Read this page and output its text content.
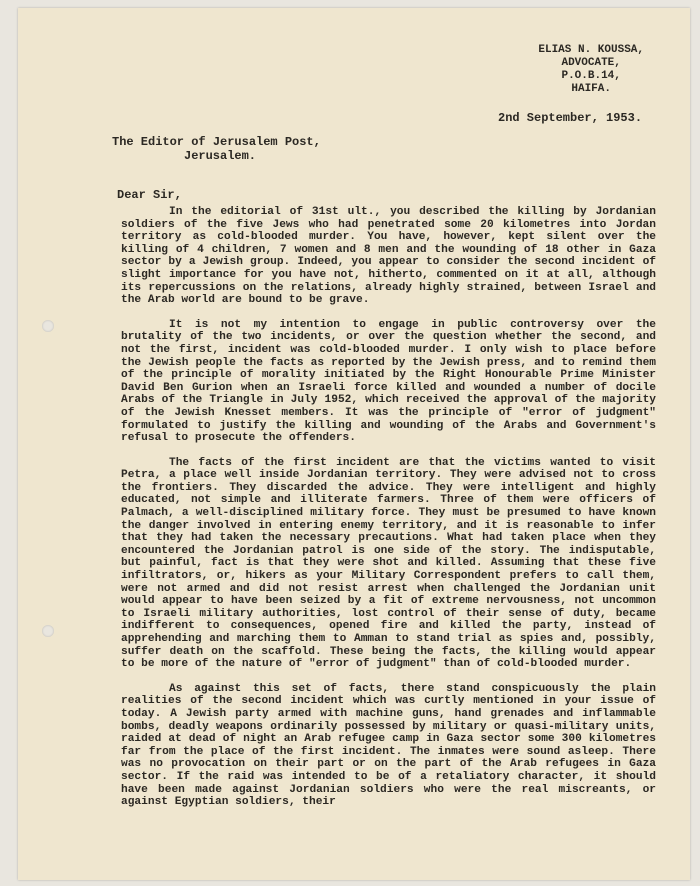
ELIAS N. KOUSSA,
ADVOCATE,
P.O.B.14,
HAIFA.
2nd September, 1953.
The Editor of Jerusalem Post,
Jerusalem.
Dear Sir,

In the editorial of 31st ult., you described the killing by Jordanian soldiers of the five Jews who had penetrated some 20 kilometres into Jordan territory as cold-blooded murder. You have, however, kept silent over the killing of 4 children, 7 women and 8 men and the wounding of 18 other in Gaza sector by a Jewish group. Indeed, you appear to consider the second incident of slight importance for you have not, hitherto, commented on it at all, although its repercussions on the relations, already highly strained, between Israel and the Arab world are bound to be grave.

It is not my intention to engage in public controversy over the brutality of the two incidents, or over the question whether the second, and not the first, incident was cold-blooded murder. I only wish to place before the Jewish people the facts as reported by the Jewish press, and to remind them of the principle of morality initiated by the Right Honourable Prime Minister David Ben Gurion when an Israeli force killed and wounded a number of docile Arabs of the Triangle in July 1952, which received the approval of the majority of the Jewish Knesset members. It was the principle of "error of judgment" formulated to justify the killing and wounding of the Arabs and Government's refusal to prosecute the offenders.

The facts of the first incident are that the victims wanted to visit Petra, a place well inside Jordanian territory. They were advised not to cross the frontiers. They discarded the advice. They were intelligent and highly educated, not simple and illiterate farmers. Three of them were officers of Palmach, a well-disciplined military force. They must be presumed to have known the danger involved in entering enemy territory, and it is reasonable to infer that they had taken the necessary precautions. What had taken place when they encountered the Jordanian patrol is one side of the story. The indisputable, but painful, fact is that they were shot and killed. Assuming that these five infiltrators, or, hikers as your Military Correspondent prefers to call them, were not armed and did not resist arrest when challenged the Jordanian unit would appear to have been seized by a fit of extreme nervousness, not uncommon to Israeli military authorities, lost control of their sense of duty, became indifferent to consequences, opened fire and killed the party, instead of apprehending and marching them to Amman to stand trial as spies and, possibly, suffer death on the scaffold. These being the facts, the killing would appear to be more of the nature of "error of judgment" than of cold-blooded murder.

As against this set of facts, there stand conspicuously the plain realities of the second incident which was curtly mentioned in your issue of today. A Jewish party armed with machine guns, hand grenades and inflammable bombs, deadly weapons ordinarily possessed by military or quasi-military units, raided at dead of night an Arab refugee camp in Gaza sector some 300 kilometres far from the place of the first incident. The inmates were sound asleep. There was no provocation on their part or on the part of the Arab refugees in Gaza sector. If the raid was intended to be of a retaliatory character, it should have been made against Jordanian soldiers who were the real miscreants, or against Egyptian soldiers, their
